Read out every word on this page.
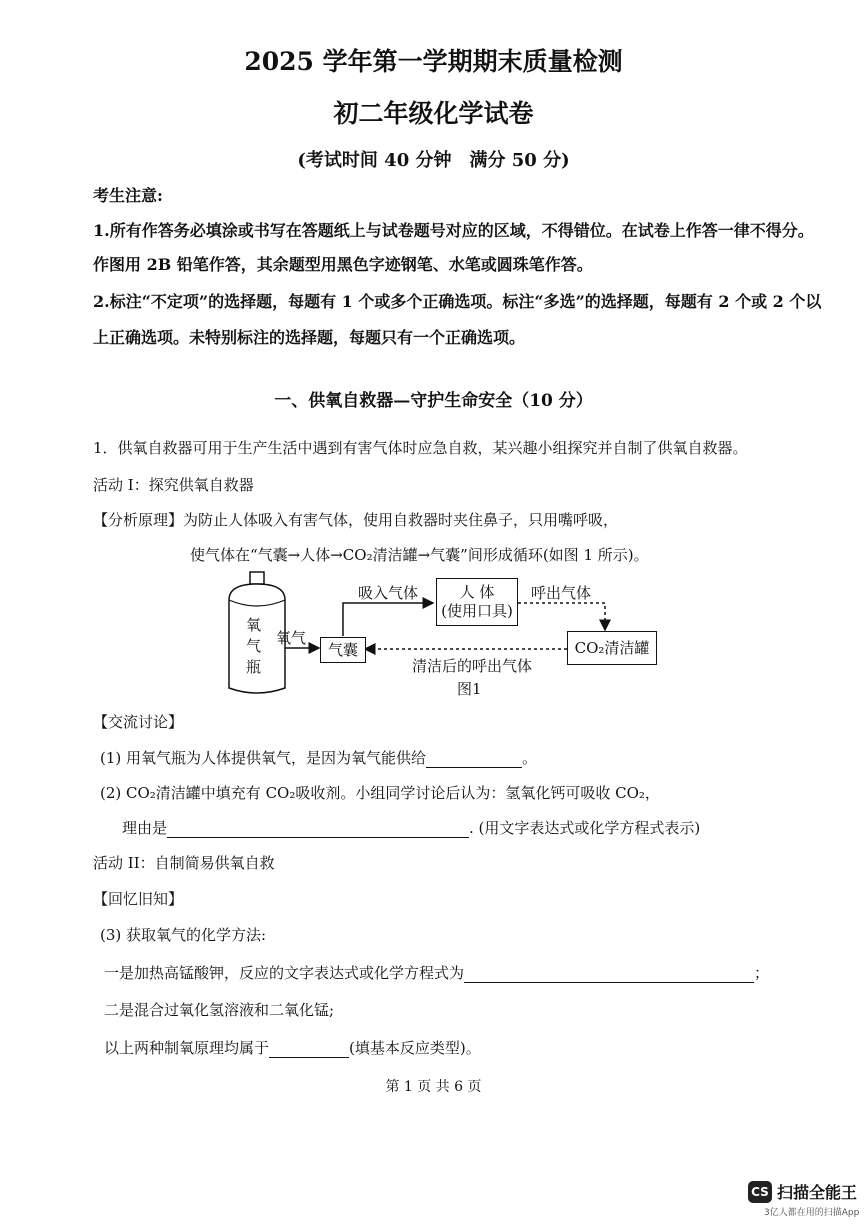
2025 学年第一学期期末质量检测
初二年级化学试卷
(考试时间 40 分钟　满分 50 分)
考生注意:
1.所有作答务必填涂或书写在答题纸上与试卷题号对应的区域，不得错位。在试卷上作答一律不得分。
作图用 2B 铅笔作答，其余题型用黑色字迹钢笔、水笔或圆珠笔作答。
2.标注“不定项”的选择题，每题有 1 个或多个正确选项。标注“多选”的选择题，每题有 2 个或 2 个以
上正确选项。未特别标注的选择题，每题只有一个正确选项。
一、供氧自救器—守护生命安全（10 分）
1．供氧自救器可用于生产生活中遇到有害气体时应急自救，某兴趣小组探究并自制了供氧自救器。
活动 I：探究供氧自救器
【分析原理】为防止人体吸入有害气体，使用自救器时夹住鼻子，只用嘴呼吸，
使气体在“气囊→人体→CO₂清洁罐→气囊”间形成循环(如图 1 所示)。
氧
气
瓶
氧气
气囊
吸入气体	人 体
(使用口具)
呼出气体
CO₂清洁罐
清洁后的呼出气体
图1
【交流讨论】
(1) 用氧气瓶为人体提供氧气，是因为氧气能供给	。
(2) CO₂清洁罐中填充有 CO₂吸收剂。小组同学讨论后认为：氢氧化钙可吸收 CO₂，
理由是	. (用文字表达式或化学方程式表示)
活动 II：自制简易供氧自救
【回忆旧知】
(3) 获取氧气的化学方法:
一是加热高锰酸钾，反应的文字表达式或化学方程式为	；
二是混合过氧化氢溶液和二氧化锰;
以上两种制氧原理均属于	(填基本反应类型)。
第 1 页 共 6 页
CS 扫描全能王
3亿人都在用的扫描App
